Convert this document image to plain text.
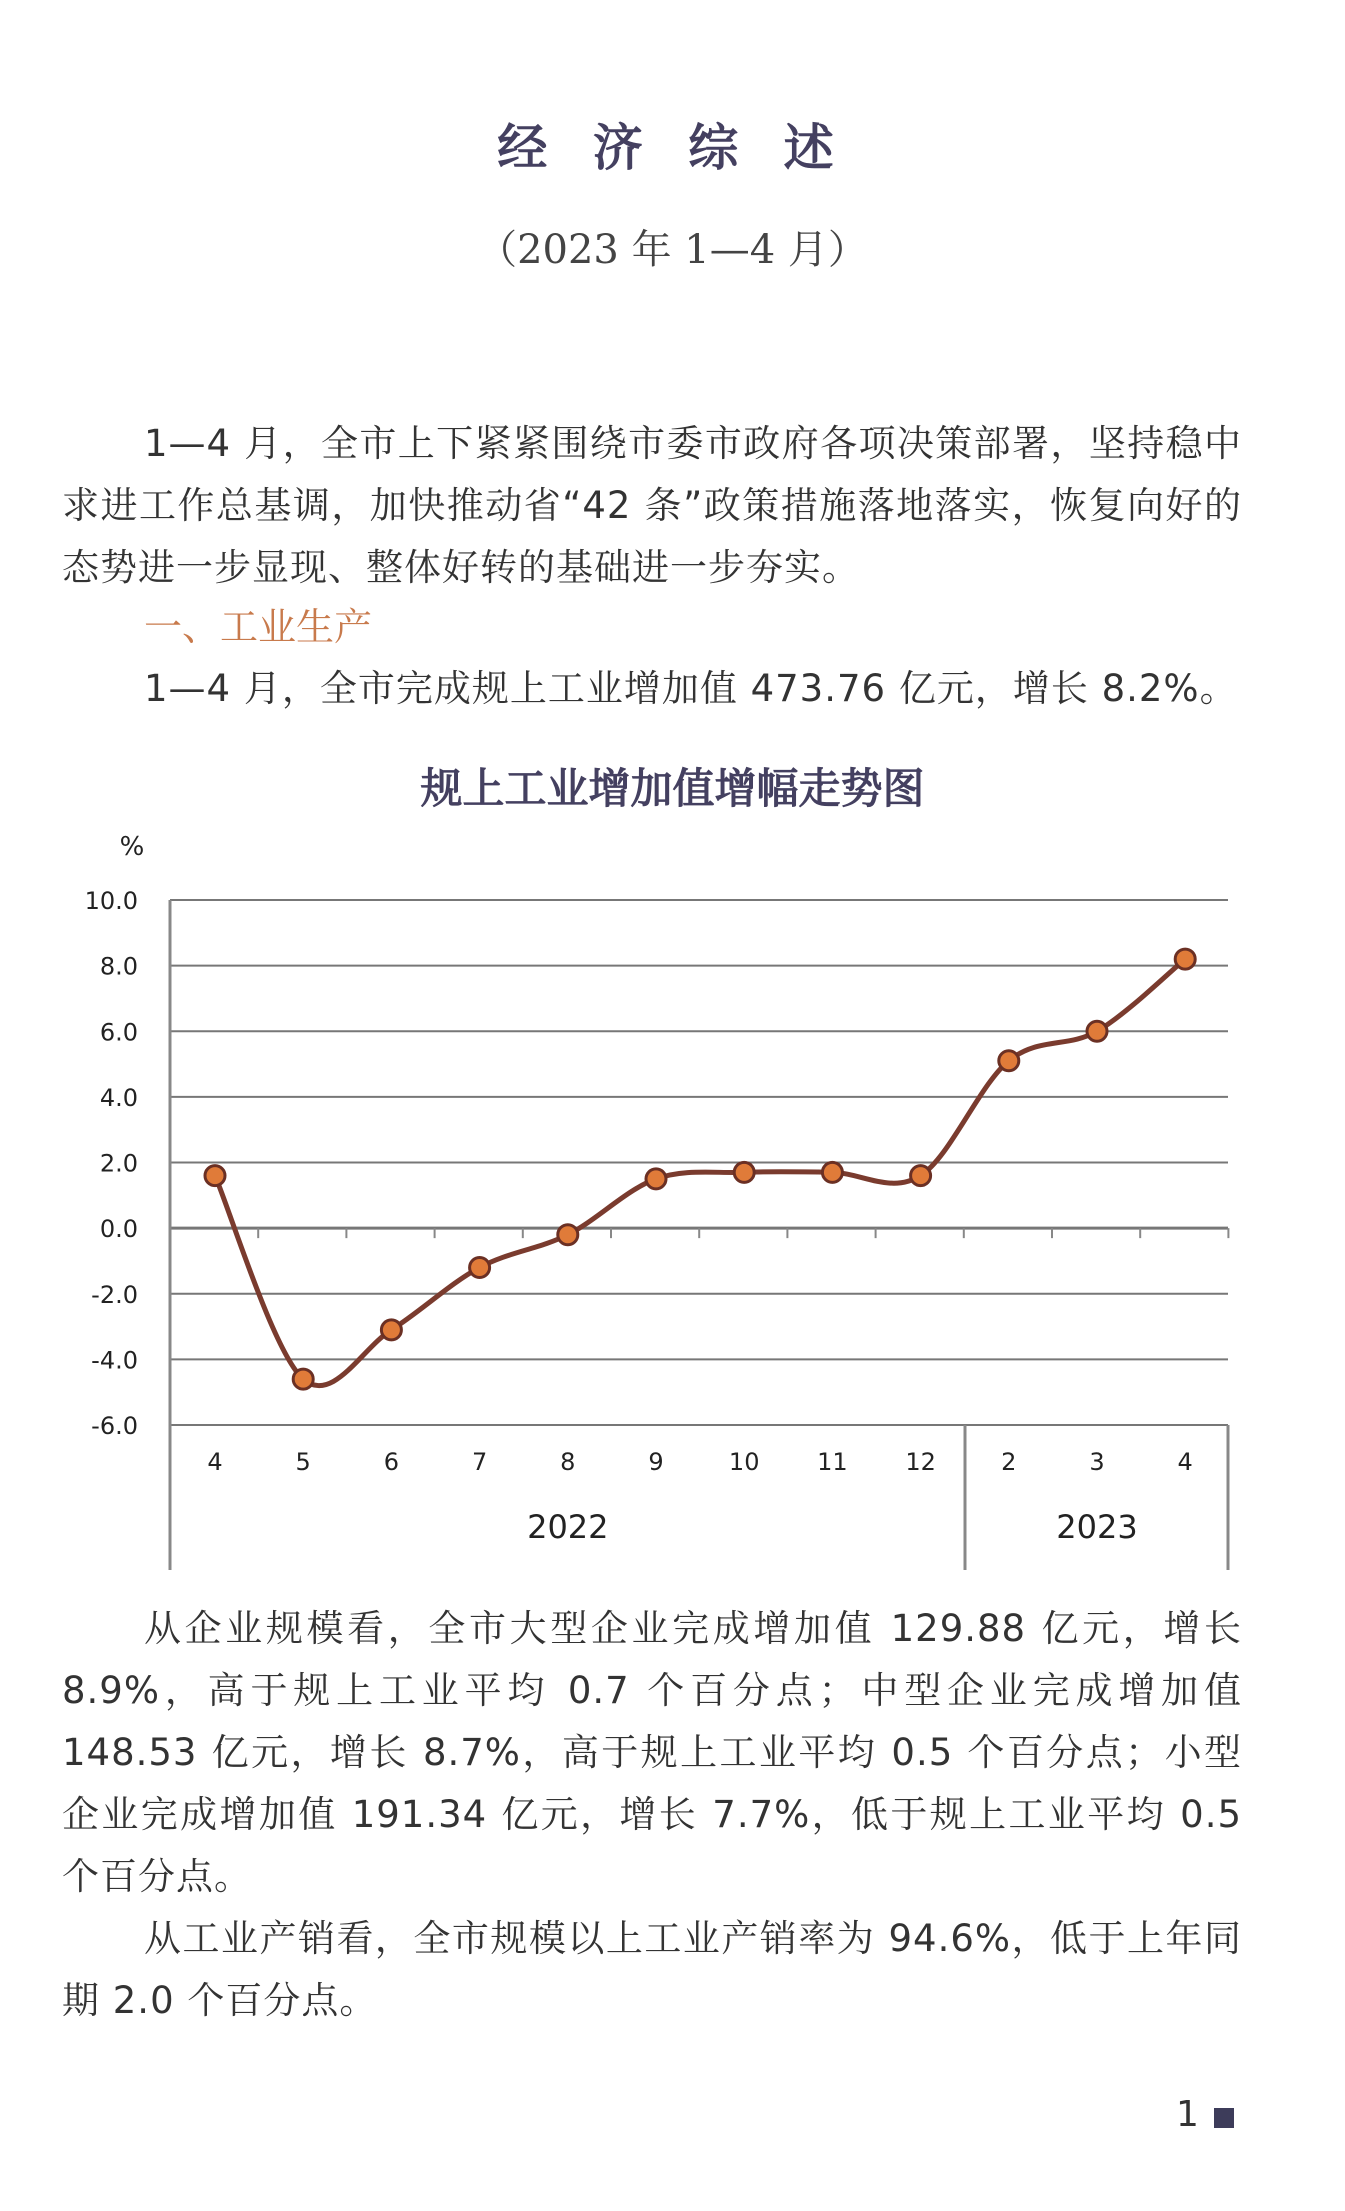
经 济 综 述
（2023 年 1—4 月）

1—4 月，全市上下紧紧围绕市委市政府各项决策部署，坚持稳中求进工作总基调，加快推动省“42 条”政策措施落地落实，恢复向好的态势进一步显现、整体好转的基础进一步夯实。

一、工业生产

1—4 月，全市完成规上工业增加值 473.76 亿元，增长 8.2%。

规上工业增加值增幅走势图
%
10.0
8.0
6.0
4.0
2.0
0.0
-2.0
-4.0
-6.0
4	5	6	7	8	9	10 11 12	2	3	4
2022	2023

从企业规模看，全市大型企业完成增加值 129.88 亿元，增长 8.9%，高于规上工业平均 0.7 个百分点；中型企业完成增加值 148.53 亿元，增长 8.7%，高于规上工业平均 0.5 个百分点；小型企业完成增加值 191.34 亿元，增长 7.7%，低于规上工业平均 0.5 个百分点。

从工业产销看，全市规模以上工业产销率为 94.6%，低于上年同期 2.0 个百分点。

1
